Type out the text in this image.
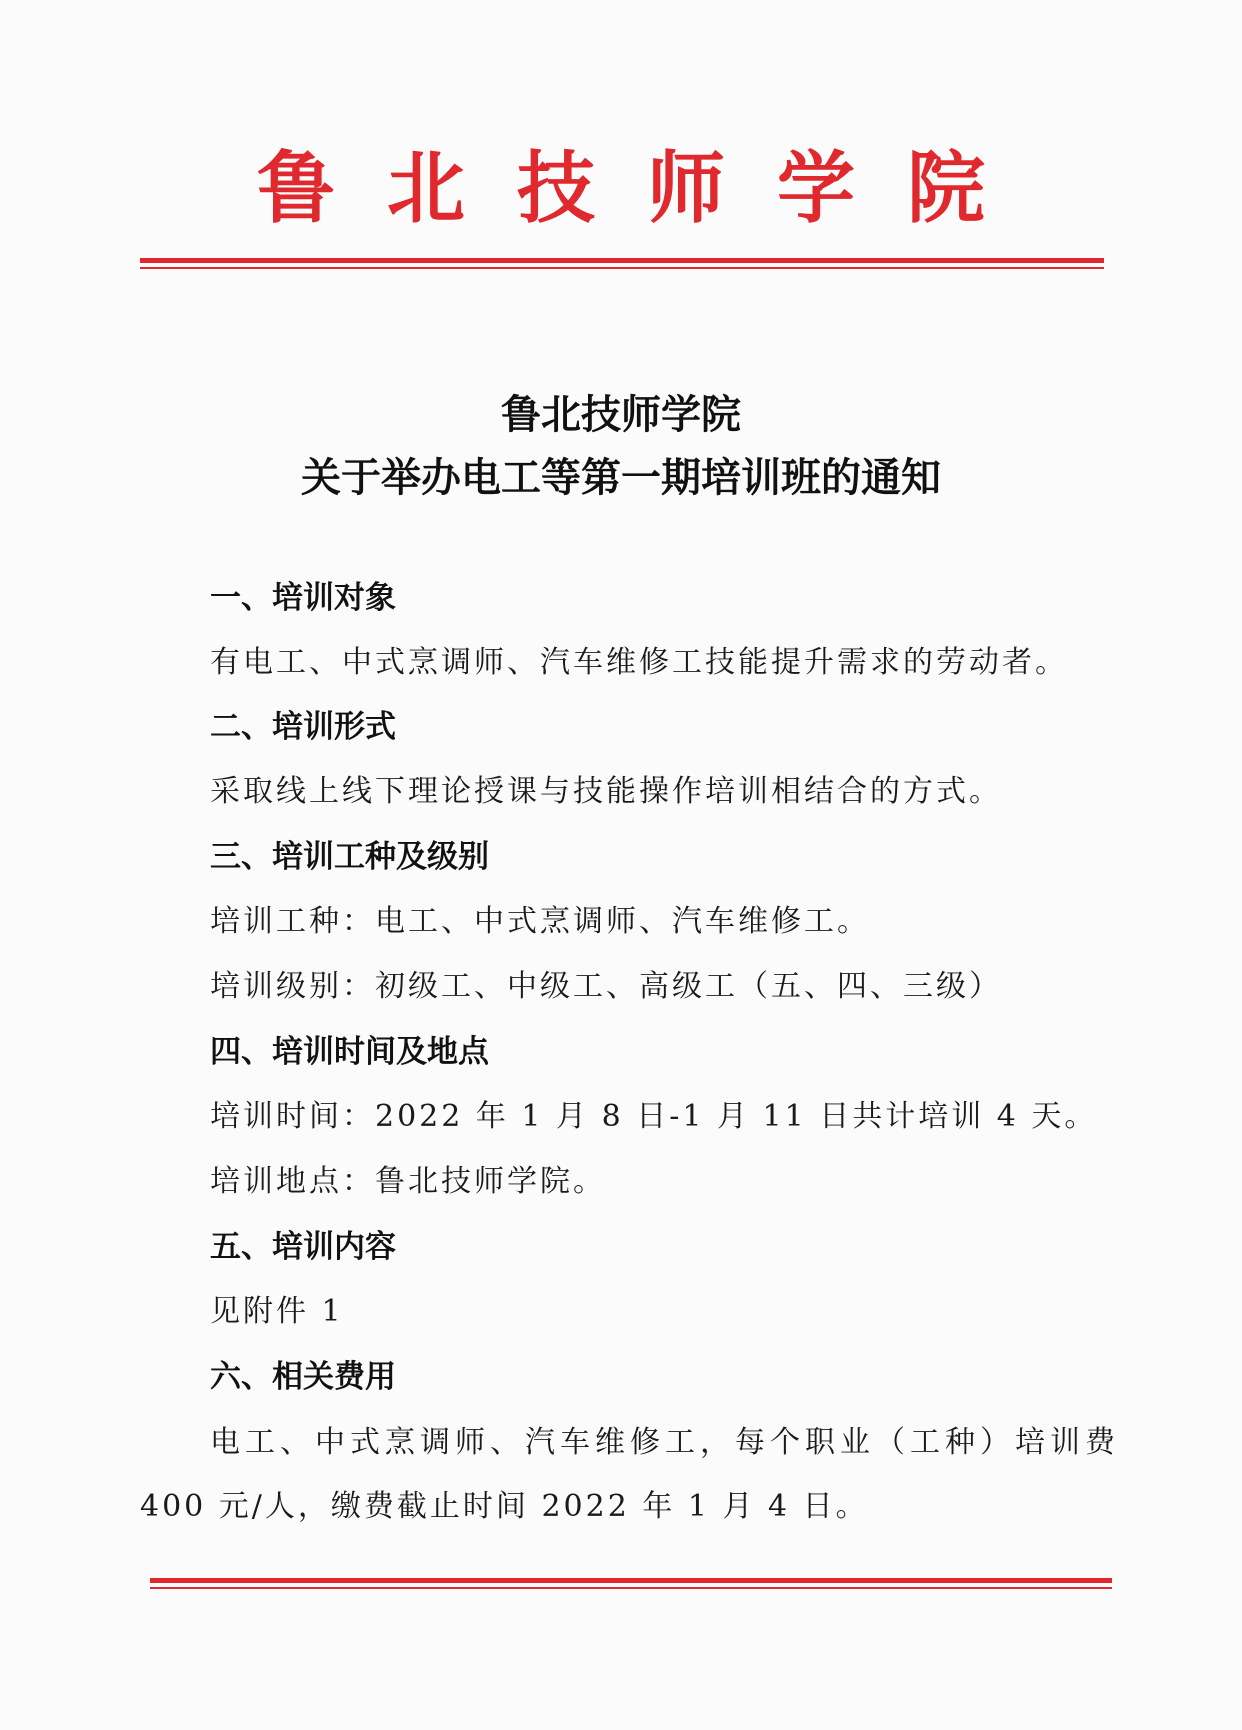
鲁北技师学院
鲁北技师学院
关于举办电工等第一期培训班的通知
一、培训对象
有电工、中式烹调师、汽车维修工技能提升需求的劳动者。
二、培训形式
采取线上线下理论授课与技能操作培训相结合的方式。
三、培训工种及级别
培训工种：电工、中式烹调师、汽车维修工。
培训级别：初级工、中级工、高级工（五、四、三级）
四、培训时间及地点
培训时间：2022 年 1 月 8 日-1 月 11 日共计培训 4 天。
培训地点：鲁北技师学院。
五、培训内容
见附件 1
六、相关费用
电工、中式烹调师、汽车维修工，每个职业（工种）培训费
400 元/人，缴费截止时间 2022 年 1 月 4 日。
